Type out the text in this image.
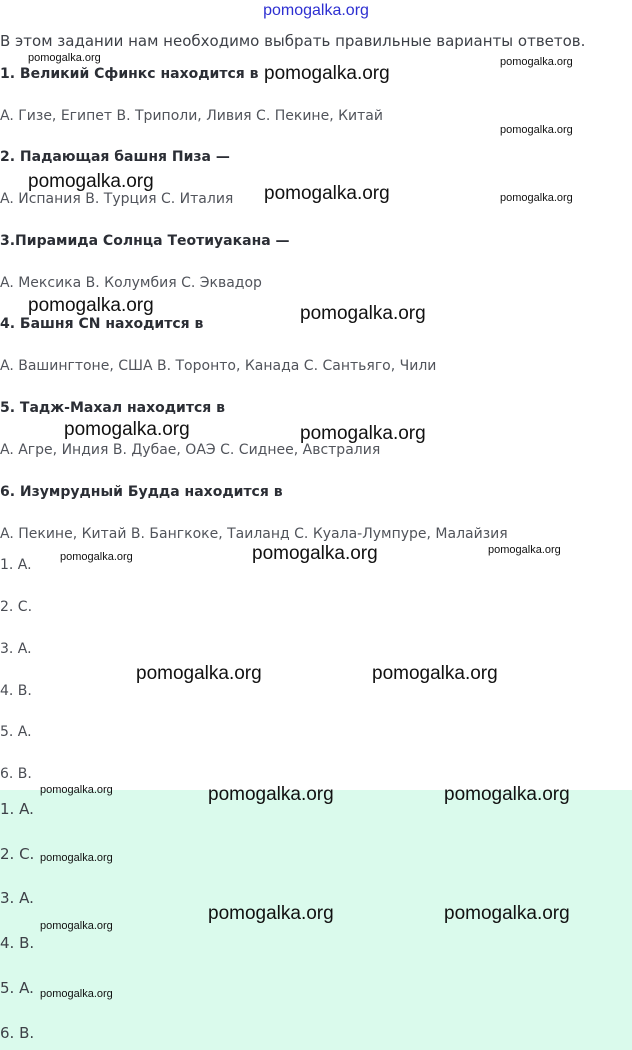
pomogalka.org
В этом задании нам необходимо выбрать правильные варианты ответов.
1. Великий Сфинкс находится в
A. Гизе, Египет B. Триполи, Ливия C. Пекине, Китай
2. Падающая башня Пиза —
A. Испания B. Турция C. Италия
3.Пирамида Солнца Теотиуакана —
A. Мексика B. Колумбия C. Эквадор
4. Башня CN находится в
A. Вашингтоне, США B. Торонто, Канада C. Сантьяго, Чили
5. Тадж-Махал находится в
A. Агре, Индия B. Дубае, ОАЭ C. Сиднее, Австралия
6. Изумрудный Будда находится в
A. Пекине, Китай B. Бангкоке, Таиланд C. Куала-Лумпуре, Малайзия
1. A.
2. C.
3. A.
4. B.
5. A.
6. B.
1. A.
2. C.
3. A.
4. B.
5. A.
6. B.
pomogalka.org
pomogalka.org
pomogalka.org
pomogalka.org
pomogalka.org
pomogalka.org	pomogalka.org
pomogalka.org	pomogalka.org
pomogalka.org	pomogalka.org
pomogalka.org	pomogalka.org	pomogalka.org
pomogalka.org	pomogalka.org
pomogalka.org	pomogalka.org	pomogalka.org
pomogalka.org
pomogalka.org	pomogalka.org
pomogalka.org
pomogalka.org
